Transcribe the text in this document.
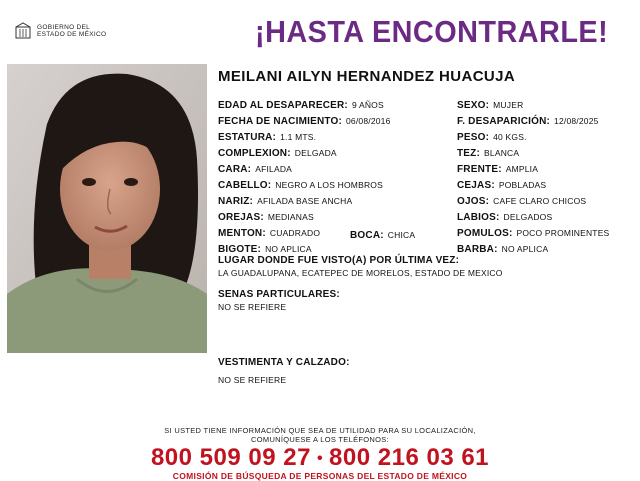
GOBIERNO DEL
ESTADO DE MÉXICO	¡HASTA ENCONTRARLE!
MEILANI AILYN HERNANDEZ HUACUJA
EDAD AL DESAPARECER: 9 AÑOS
FECHA DE NACIMIENTO: 06/08/2016
ESTATURA: 1.1 MTS.
COMPLEXION: DELGADA
CARA: AFILADA
CABELLO: NEGRO A LOS HOMBROS
NARIZ: AFILADA BASE ANCHA
OREJAS: MEDIANAS
MENTON: CUADRADO	BOCA: CHICA
BIGOTE: NO APLICA
SEXO: MUJER
F. DESAPARICIÓN: 12/08/2025
PESO: 40 KGS.
TEZ: BLANCA
FRENTE: AMPLIA
CEJAS: POBLADAS
OJOS: CAFE CLARO CHICOS
LABIOS: DELGADOS
POMULOS: POCO PROMINENTES
BARBA: NO APLICA
LUGAR DONDE FUE VISTO(A) POR ÚLTIMA VEZ:
LA GUADALUPANA, ECATEPEC DE MORELOS, ESTADO DE MEXICO
SENAS PARTICULARES:
NO SE REFIERE
VESTIMENTA Y CALZADO:
NO SE REFIERE
SI USTED TIENE INFORMACIÓN QUE SEA DE UTILIDAD PARA SU LOCALIZACIÓN,
COMUNÍQUESE A LOS TELÉFONOS:
800 509 09 27 • 800 216 03 61
COMISIÓN DE BÚSQUEDA DE PERSONAS DEL ESTADO DE MÉXICO
